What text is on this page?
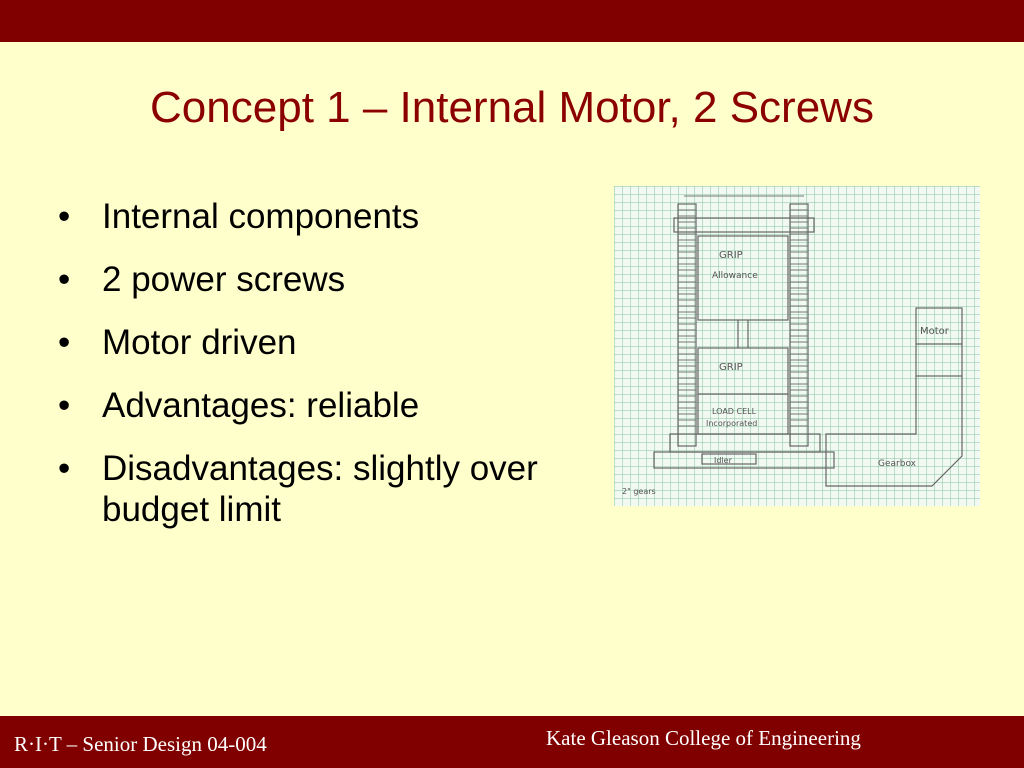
Concept 1 – Internal Motor, 2 Screws
• Internal components
• 2 power screws
• Motor driven
• Advantages: reliable
• Disadvantages: slightly over budget limit
GRIP
Allowance
GRIP
LOAD CELL
Incorporated
Motor
Gearbox
Idler
2" gears
R·I·T – Senior Design 04-004	Kate Gleason College of Engineering
